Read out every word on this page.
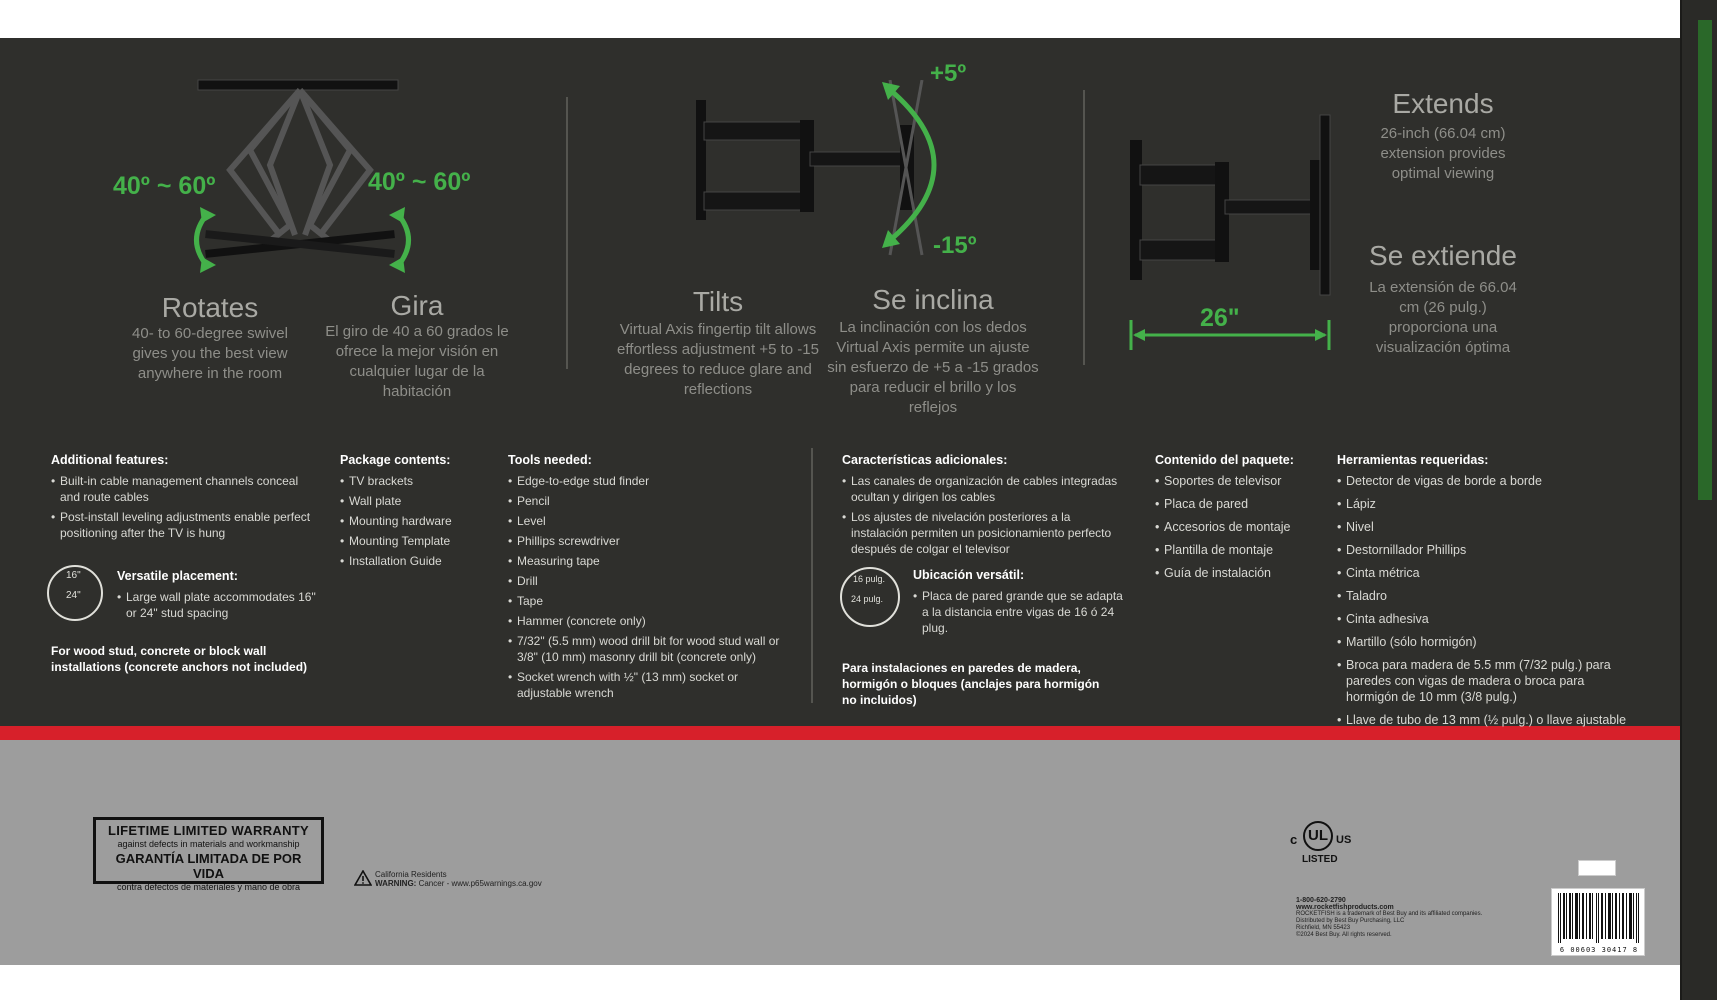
40º ~ 60º	40º ~ 60º
Rotates
40- to 60-degree swivel gives you the best view anywhere in the room
Gira
El giro de 40 a 60 grados le ofrece la mejor visión en cualquier lugar de la habitación
+5º
-15º
Tilts
Virtual Axis fingertip tilt allows effortless adjustment +5 to -15 degrees to reduce glare and reflections
Se inclina
La inclinación con los dedos Virtual Axis permite un ajuste sin esfuerzo de +5 a -15 grados para reducir el brillo y los reflejos
26"
Extends
26-inch (66.04 cm) extension provides optimal viewing
Se extiende
La extensión de 66.04 cm (26 pulg.) proporciona una visualización óptima
Additional features:
• Built-in cable management channels conceal and route cables
• Post-install leveling adjustments enable perfect positioning after the TV is hung
16"
24"
Versatile placement:
• Large wall plate accommodates 16" or 24" stud spacing
For wood stud, concrete or block wall installations (concrete anchors not included)
Package contents:
• TV brackets
• Wall plate
• Mounting hardware
• Mounting Template
• Installation Guide
Tools needed:
• Edge-to-edge stud finder
• Pencil
• Level
• Phillips screwdriver
• Measuring tape
• Drill
• Tape
• Hammer (concrete only)
• 7/32" (5.5 mm) wood drill bit for wood stud wall or 3/8" (10 mm) masonry drill bit (concrete only)
• Socket wrench with ½" (13 mm) socket or adjustable wrench
Características adicionales:
• Las canales de organización de cables integradas ocultan y dirigen los cables
• Los ajustes de nivelación posteriores a la instalación permiten un posicionamiento perfecto después de colgar el televisor
16 pulg.
24 pulg.
Ubicación versátil:
• Placa de pared grande que se adapta a la distancia entre vigas de 16 ó 24 plug.
Para instalaciones en paredes de madera, hormigón o bloques (anclajes para hormigón no incluidos)
Contenido del paquete:
• Soportes de televisor
• Placa de pared
• Accesorios de montaje
• Plantilla de montaje
• Guía de instalación
Herramientas requeridas:
• Detector de vigas de borde a borde
• Lápiz
• Nivel
• Destornillador Phillips
• Cinta métrica
• Taladro
• Cinta adhesiva
• Martillo (sólo hormigón)
• Broca para madera de 5.5 mm (7/32 pulg.) para paredes con vigas de madera o broca para hormigón de 10 mm (3/8 pulg.)
• Llave de tubo de 13 mm (½ pulg.) o llave ajustable
LIFETIME LIMITED WARRANTY
against defects in materials and workmanship
GARANTÍA LIMITADA DE POR VIDA
contra defectos de materiales y mano de obra
California Residents
WARNING: Cancer - www.p65warnings.ca.gov
c UL US
LISTED
1-800-620-2790
www.rocketfishproducts.com
ROCKETFISH is a trademark of Best Buy and its affiliated companies.
Distributed by Best Buy Purchasing, LLC
Richfield, MN 55423
©2024 Best Buy. All rights reserved.
6 00603 30417 8
